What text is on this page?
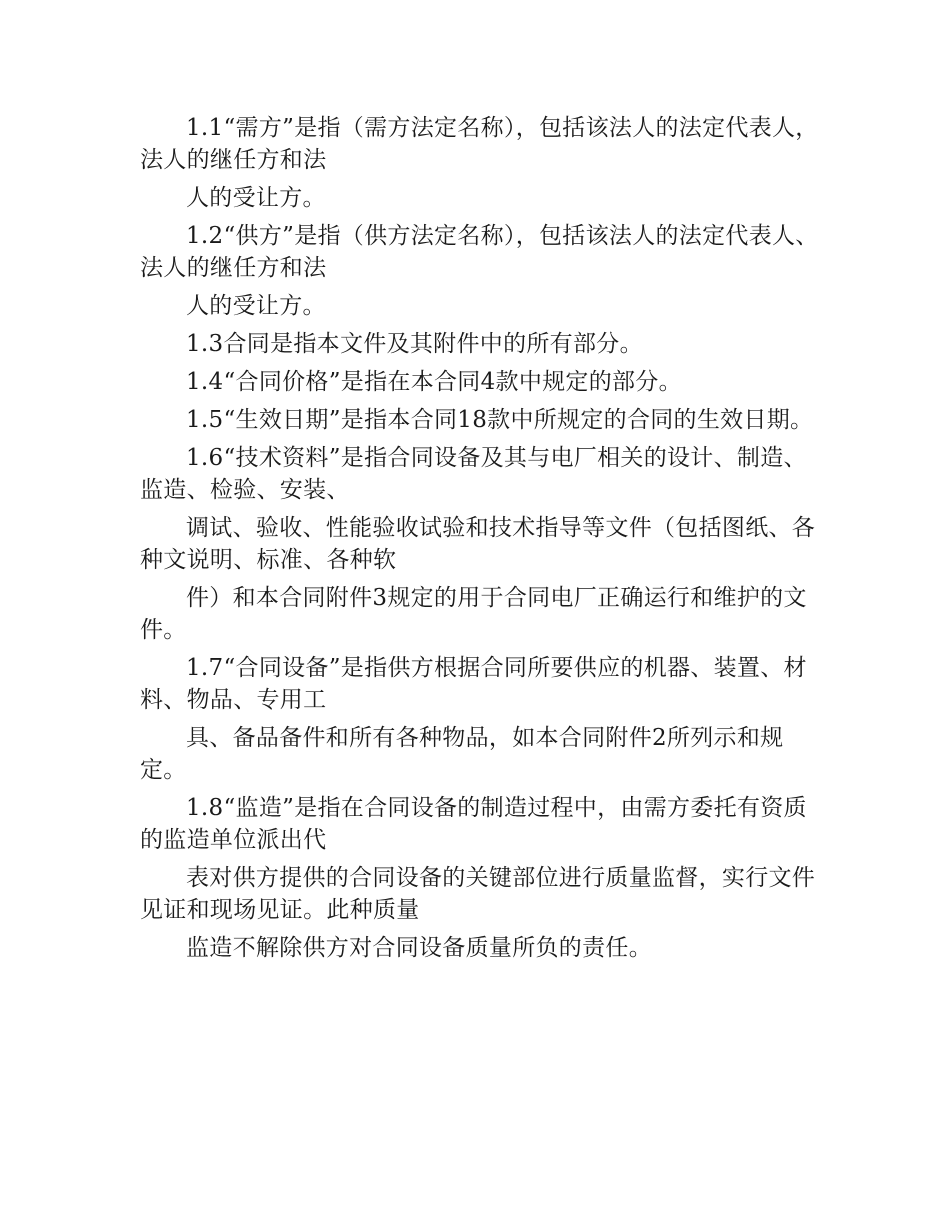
1.1“需方”是指（需方法定名称），包括该法人的法定代表人，法人的继任方和法

人的受让方。

1.2“供方”是指（供方法定名称），包括该法人的法定代表人、法人的继任方和法

人的受让方。

1.3合同是指本文件及其附件中的所有部分。

1.4“合同价格”是指在本合同4款中规定的部分。

1.5“生效日期”是指本合同18款中所规定的合同的生效日期。

1.6“技术资料”是指合同设备及其与电厂相关的设计、制造、监造、检验、安装、

调试、验收、性能验收试验和技术指导等文件（包括图纸、各种文说明、标准、各种软

件）和本合同附件3规定的用于合同电厂正确运行和维护的文件。

1.7“合同设备”是指供方根据合同所要供应的机器、装置、材料、物品、专用工

具、备品备件和所有各种物品，如本合同附件2所列示和规定。

1.8“监造”是指在合同设备的制造过程中，由需方委托有资质的监造单位派出代

表对供方提供的合同设备的关键部位进行质量监督，实行文件见证和现场见证。此种质量

监造不解除供方对合同设备质量所负的责任。
